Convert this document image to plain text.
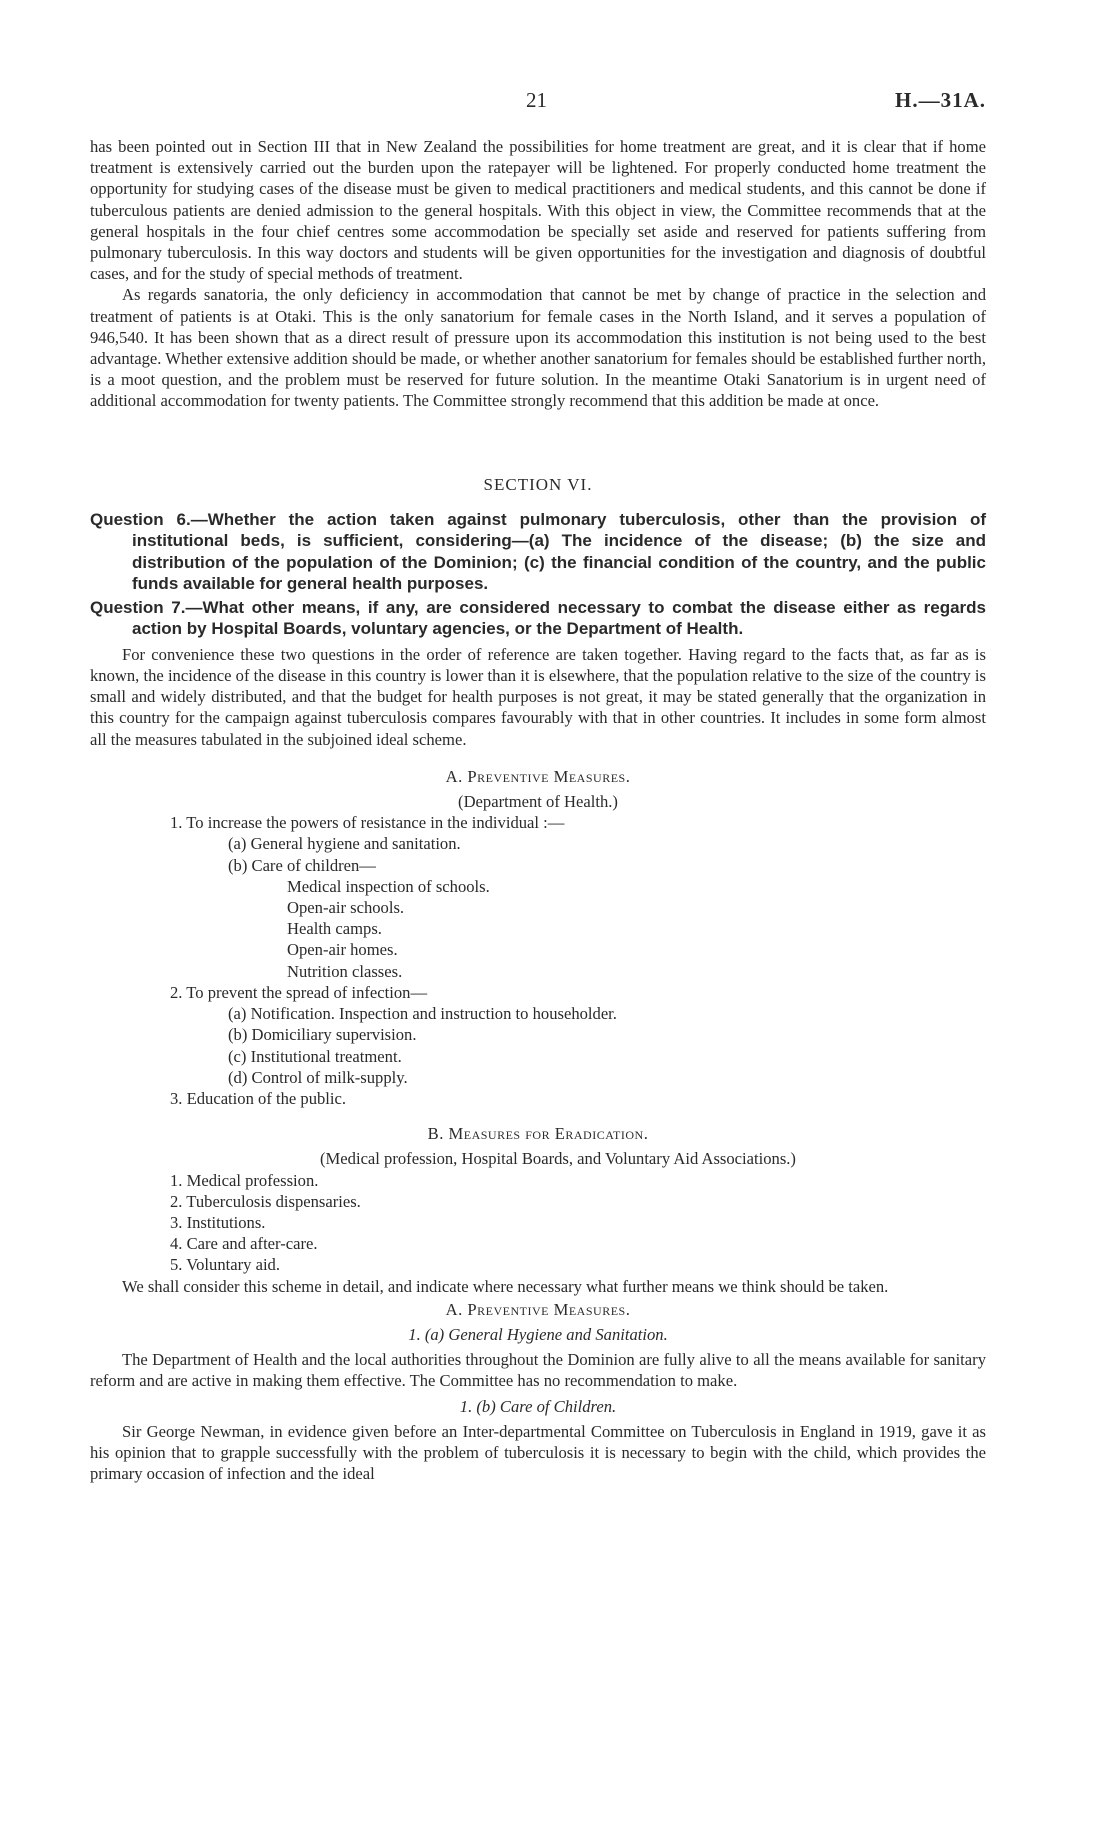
21	H.—31A.

has been pointed out in Section III that in New Zealand the possibilities for home treatment are great, and it is clear that if home treatment is extensively carried out the burden upon the ratepayer will be lightened. For properly conducted home treatment the opportunity for studying cases of the disease must be given to medical practitioners and medical students, and this cannot be done if tuberculous patients are denied admission to the general hospitals. With this object in view, the Committee recommends that at the general hospitals in the four chief centres some accommodation be specially set aside and reserved for patients suffering from pulmonary tuberculosis. In this way doctors and students will be given opportunities for the investigation and diagnosis of doubtful cases, and for the study of special methods of treatment.

As regards sanatoria, the only deficiency in accommodation that cannot be met by change of practice in the selection and treatment of patients is at Otaki. This is the only sanatorium for female cases in the North Island, and it serves a population of 946,540. It has been shown that as a direct result of pressure upon its accommodation this institution is not being used to the best advantage. Whether extensive addition should be made, or whether another sanatorium for females should be established further north, is a moot question, and the problem must be reserved for future solution. In the meantime Otaki Sanatorium is in urgent need of additional accommodation for twenty patients. The Committee strongly recommend that this addition be made at once.

SECTION VI.

Question 6.—Whether the action taken against pulmonary tuberculosis, other than the provision of institutional beds, is sufficient, considering—(a) The incidence of the disease; (b) the size and distribution of the population of the Dominion; (c) the financial condition of the country, and the public funds available for general health purposes.

Question 7.—What other means, if any, are considered necessary to combat the disease either as regards action by Hospital Boards, voluntary agencies, or the Department of Health.

For convenience these two questions in the order of reference are taken together. Having regard to the facts that, as far as is known, the incidence of the disease in this country is lower than it is elsewhere, that the population relative to the size of the country is small and widely distributed, and that the budget for health purposes is not great, it may be stated generally that the organization in this country for the campaign against tuberculosis compares favourably with that in other countries. It includes in some form almost all the measures tabulated in the subjoined ideal scheme.

A. Preventive Measures.
(Department of Health.)
1. To increase the powers of resistance in the individual :—
(a) General hygiene and sanitation.
(b) Care of children—
Medical inspection of schools.
Open-air schools.
Health camps.
Open-air homes.
Nutrition classes.
2. To prevent the spread of infection—
(a) Notification. Inspection and instruction to householder.
(b) Domiciliary supervision.
(c) Institutional treatment.
(d) Control of milk-supply.
3. Education of the public.
B. Measures for Eradication.
(Medical profession, Hospital Boards, and Voluntary Aid Associations.)
1. Medical profession.
2. Tuberculosis dispensaries.
3. Institutions.
4. Care and after-care.
5. Voluntary aid.

We shall consider this scheme in detail, and indicate where necessary what further means we think should be taken.

A. Preventive Measures.
1. (a) General Hygiene and Sanitation.

The Department of Health and the local authorities throughout the Dominion are fully alive to all the means available for sanitary reform and are active in making them effective. The Committee has no recommendation to make.

1. (b) Care of Children.

Sir George Newman, in evidence given before an Inter-departmental Committee on Tuberculosis in England in 1919, gave it as his opinion that to grapple successfully with the problem of tuberculosis it is necessary to begin with the child, which provides the primary occasion of infection and the ideal
